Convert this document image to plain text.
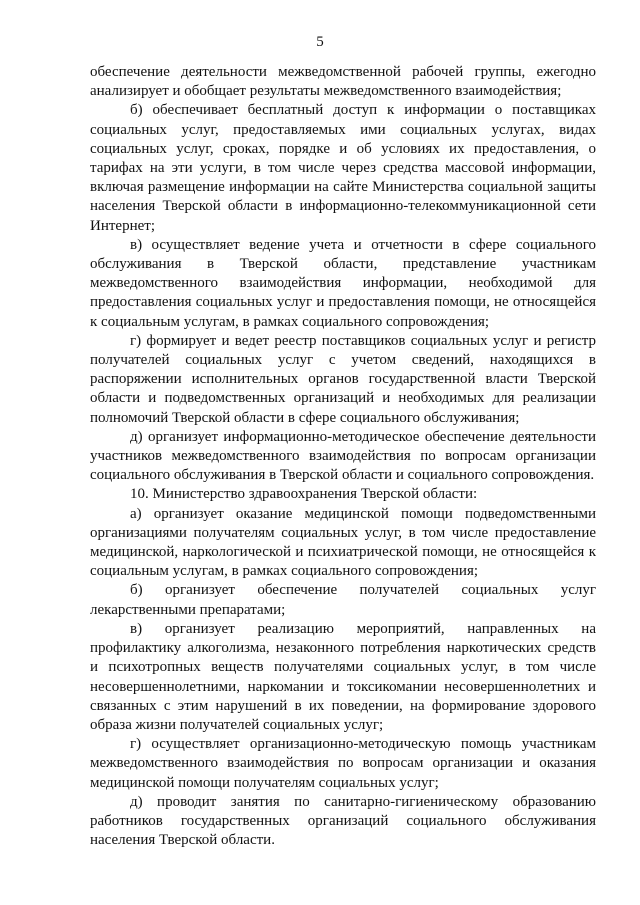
5

обеспечение деятельности межведомственной рабочей группы, ежегодно анализирует и обобщает результаты межведомственного взаимодействия;

б) обеспечивает бесплатный доступ к информации о поставщиках социальных услуг, предоставляемых ими социальных услугах, видах социальных услуг, сроках, порядке и об условиях их предоставления, о тарифах на эти услуги, в том числе через средства массовой информации, включая размещение информации на сайте Министерства социальной защиты населения Тверской области в информационно-телекоммуникационной сети Интернет;

в) осуществляет ведение учета и отчетности в сфере социального обслуживания в Тверской области, представление участникам межведомственного взаимодействия информации, необходимой для предоставления социальных услуг и предоставления помощи, не относящейся к социальным услугам, в рамках социального сопровождения;

г) формирует и ведет реестр поставщиков социальных услуг и регистр получателей социальных услуг с учетом сведений, находящихся в распоряжении исполнительных органов государственной власти Тверской области и подведомственных организаций и необходимых для реализации полномочий Тверской области в сфере социального обслуживания;

д) организует информационно-методическое обеспечение деятельности участников межведомственного взаимодействия по вопросам организации социального обслуживания в Тверской области и социального сопровождения.

10. Министерство здравоохранения Тверской области:

а) организует оказание медицинской помощи подведомственными организациями получателям социальных услуг, в том числе предоставление медицинской, наркологической и психиатрической помощи, не относящейся к социальным услугам, в рамках социального сопровождения;

б) организует обеспечение получателей социальных услуг лекарственными препаратами;

в) организует реализацию мероприятий, направленных на профилактику алкоголизма, незаконного потребления наркотических средств и психотропных веществ получателями социальных услуг, в том числе несовершеннолетними, наркомании и токсикомании несовершеннолетних и связанных с этим нарушений в их поведении, на формирование здорового образа жизни получателей социальных услуг;

г) осуществляет организационно-методическую помощь участникам межведомственного взаимодействия по вопросам организации и оказания медицинской помощи получателям социальных услуг;

д) проводит занятия по санитарно-гигиеническому образованию работников государственных организаций социального обслуживания населения Тверской области.
